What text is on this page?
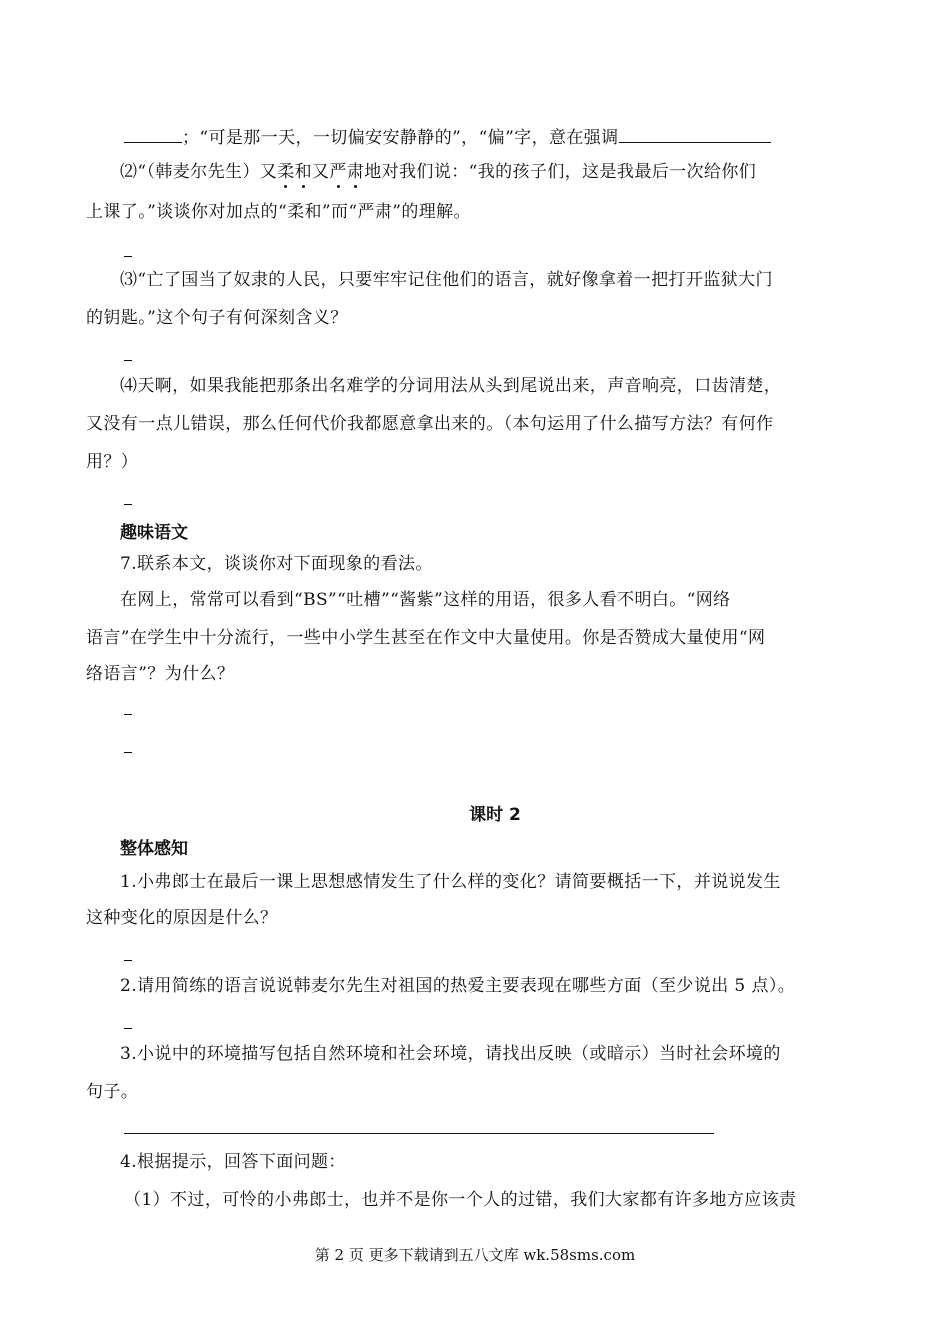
；“可是那一天，一切偏安安静静的”，“偏”字，意在强调
⑵“（韩麦尔先生）又柔和又严肃地对我们说：“我的孩子们，这是我最后一次给你们
上课了。”谈谈你对加点的“柔和”而“严肃”的理解。
⑶“亡了国当了奴隶的人民，只要牢牢记住他们的语言，就好像拿着一把打开监狱大门
的钥匙。”这个句子有何深刻含义？
⑷天啊，如果我能把那条出名难学的分词用法从头到尾说出来，声音响亮，口齿清楚，
又没有一点儿错误，那么任何代价我都愿意拿出来的。（本句运用了什么描写方法？有何作
用？）
趣味语文
7.联系本文，谈谈你对下面现象的看法。
在网上，常常可以看到“BS”“吐槽”“酱紫”这样的用语，很多人看不明白。“网络
语言”在学生中十分流行，一些中小学生甚至在作文中大量使用。你是否赞成大量使用“网
络语言”？为什么？
课时 2
整体感知
1.小弗郎士在最后一课上思想感情发生了什么样的变化？请简要概括一下，并说说发生
这种变化的原因是什么？
2.请用简练的语言说说韩麦尔先生对祖国的热爱主要表现在哪些方面（至少说出 5 点）。
3.小说中的环境描写包括自然环境和社会环境，请找出反映（或暗示）当时社会环境的
句子。
4.根据提示，回答下面问题：
（1）不过，可怜的小弗郎士，也并不是你一个人的过错，我们大家都有许多地方应该责
第 2 页 更多下载请到五八文库 wk.58sms.com
